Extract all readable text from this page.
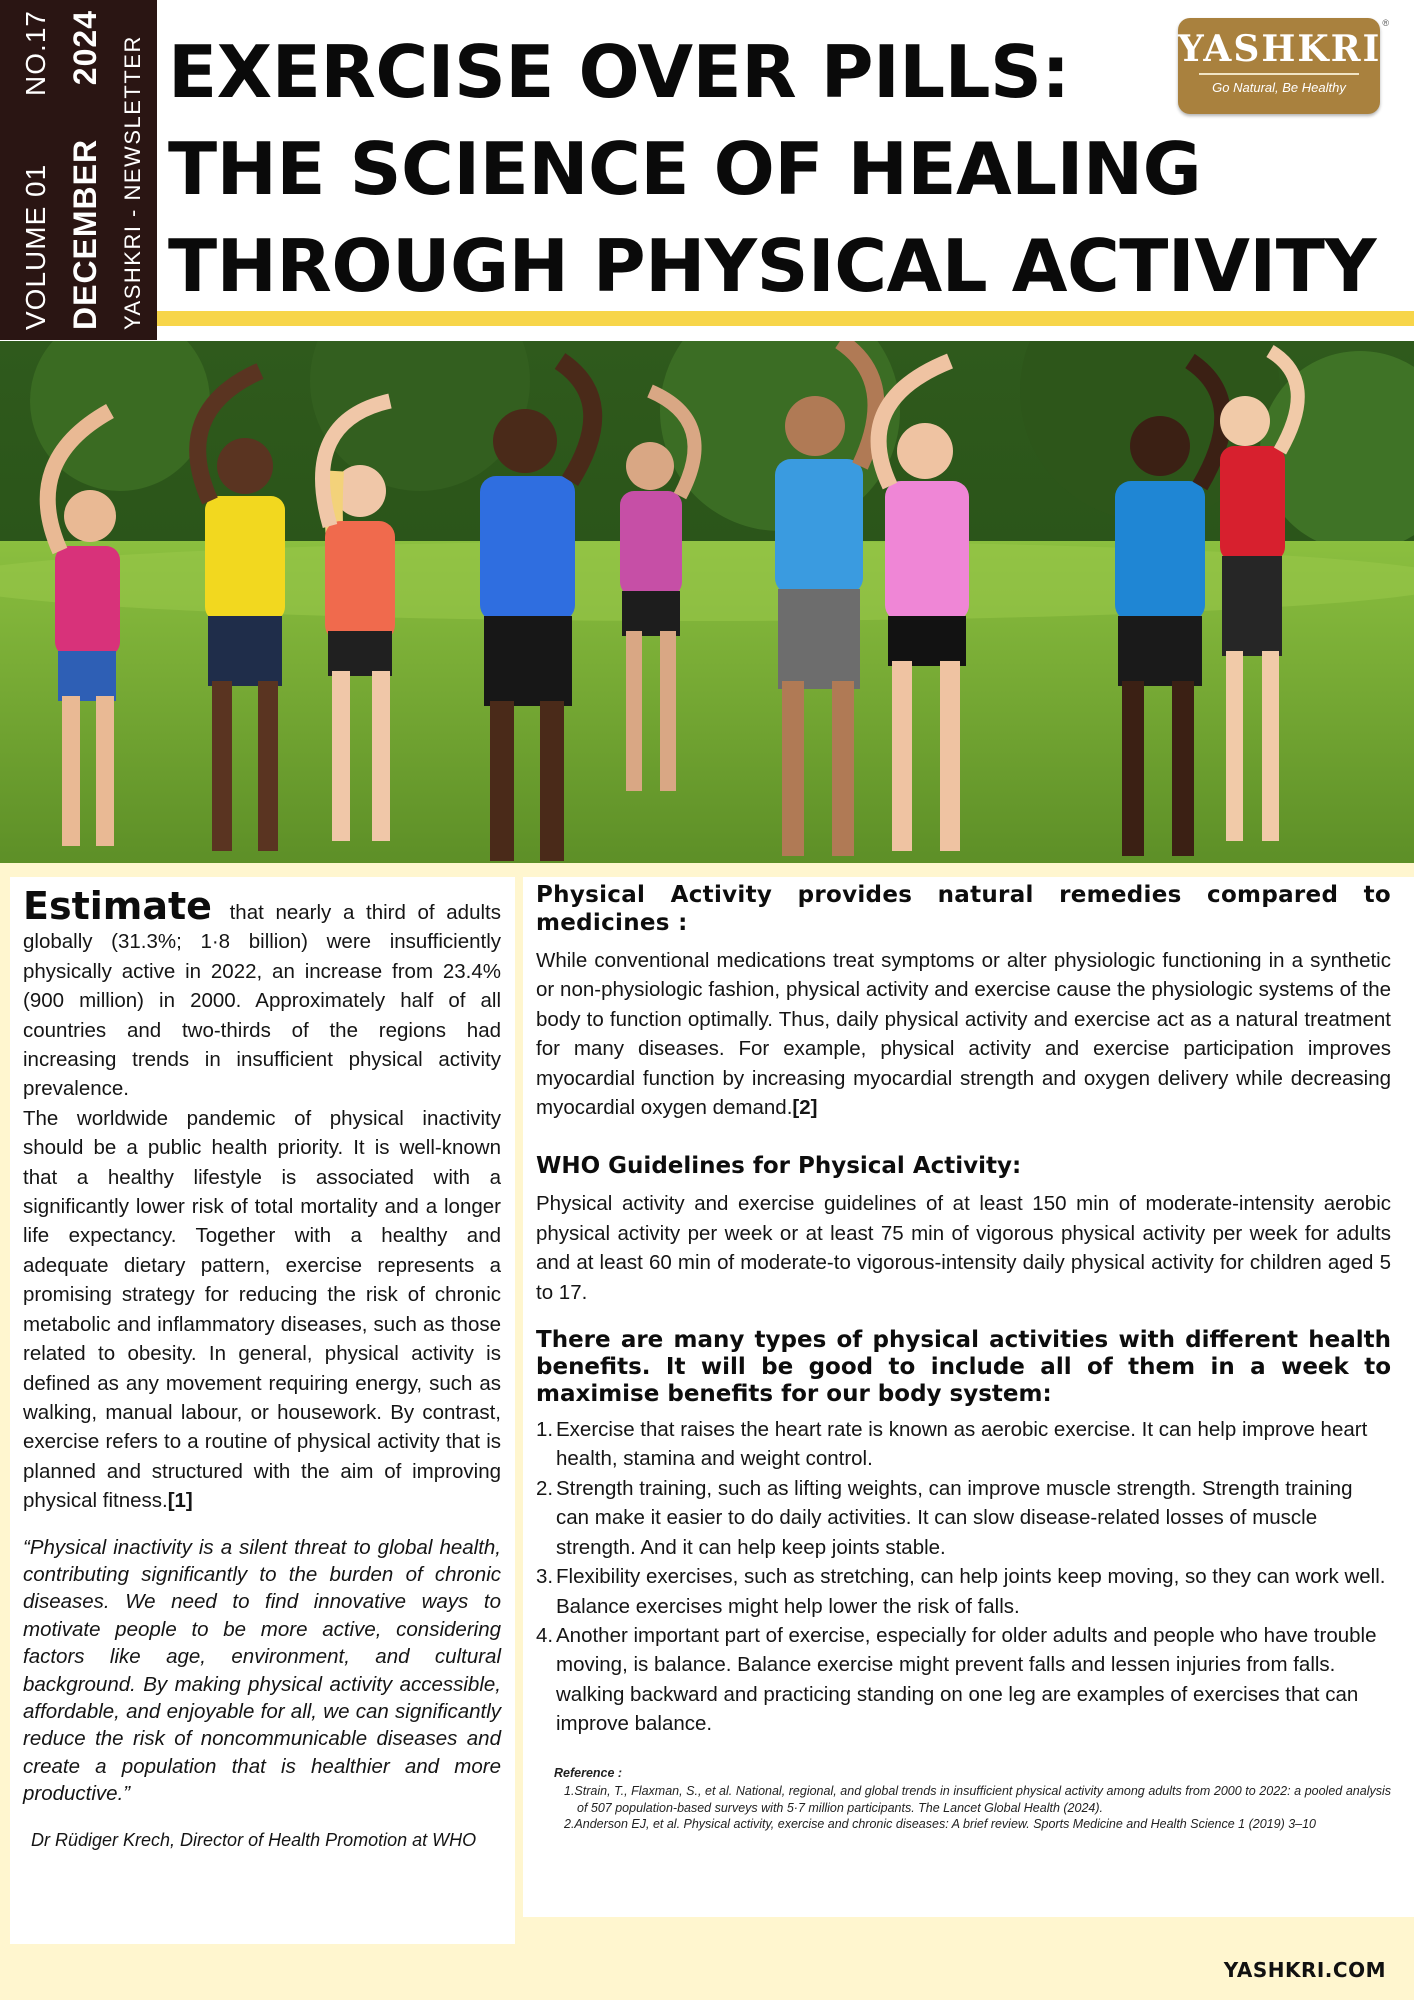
VOLUME 01
NO.17
DECEMBER
2024 YASHKRI - NEWSLETTER EXERCISE OVER PILLS:
THE SCIENCE OF HEALING
THROUGH PHYSICAL ACTIVITY
YASHKRI
Go Natural, Be Healthy
®

Estimate that nearly a third of adults globally (31.3%; 1·8 billion) were insufficiently physically active in 2022, an increase from 23.4% (900 million) in 2000. Approximately half of all countries and two-thirds of the regions had increasing trends in insufficient physical activity prevalence.

The worldwide pandemic of physical inactivity should be a public health priority. It is well-known that a healthy lifestyle is associated with a significantly lower risk of total mortality and a longer life expectancy. Together with a healthy and adequate dietary pattern, exercise represents a promising strategy for reducing the risk of chronic metabolic and inflammatory diseases, such as those related to obesity. In general, physical activity is defined as any movement requiring energy, such as walking, manual labour, or housework. By contrast, exercise refers to a routine of physical activity that is planned and structured with the aim of improving physical fitness.[1]

“Physical inactivity is a silent threat to global health, contributing significantly to the burden of chronic diseases. We need to find innovative ways to motivate people to be more active, considering factors like age, environment, and cultural background. By making physical activity accessible, affordable, and enjoyable for all, we can significantly reduce the risk of noncommunicable diseases and create a population that is healthier and more productive.”

Dr Rüdiger Krech, Director of Health Promotion at WHO

Physical Activity provides natural remedies compared to medicines :

While conventional medications treat symptoms or alter physiologic functioning in a synthetic or non-physiologic fashion, physical activity and exercise cause the physiologic systems of the body to function optimally. Thus, daily physical activity and exercise act as a natural treatment for many diseases. For example, physical activity and exercise participation improves myocardial function by increasing myocardial strength and oxygen delivery while decreasing myocardial oxygen demand.[2]

WHO Guidelines for Physical Activity:

Physical activity and exercise guidelines of at least 150 min of moderate-intensity aerobic physical activity per week or at least 75 min of vigorous physical activity per week for adults and at least 60 min of moderate-to vigorous-intensity daily physical activity for children aged 5 to 17.

There are many types of physical activities with different health benefits. It will be good to include all of them in a week to maximise benefits for our body system:
1. Exercise that raises the heart rate is known as aerobic exercise. It can help improve heart health, stamina and weight control.
2. Strength training, such as lifting weights, can improve muscle strength. Strength training can make it easier to do daily activities. It can slow disease-related losses of muscle strength. And it can help keep joints stable.
3. Flexibility exercises, such as stretching, can help joints keep moving, so they can work well. Balance exercises might help lower the risk of falls.
4. Another important part of exercise, especially for older adults and people who have trouble moving, is balance. Balance exercise might prevent falls and lessen injuries from falls. walking backward and practicing standing on one leg are examples of exercises that can improve balance.
Reference :
1.Strain, T., Flaxman, S., et al. National, regional, and global trends in insufficient physical activity among adults from 2000 to 2022: a pooled analysis of 507 population-based surveys with 5·7 million participants. The Lancet Global Health (2024).
2.Anderson EJ, et al. Physical activity, exercise and chronic diseases: A brief review. Sports Medicine and Health Science 1 (2019) 3–10
YASHKRI.COM
